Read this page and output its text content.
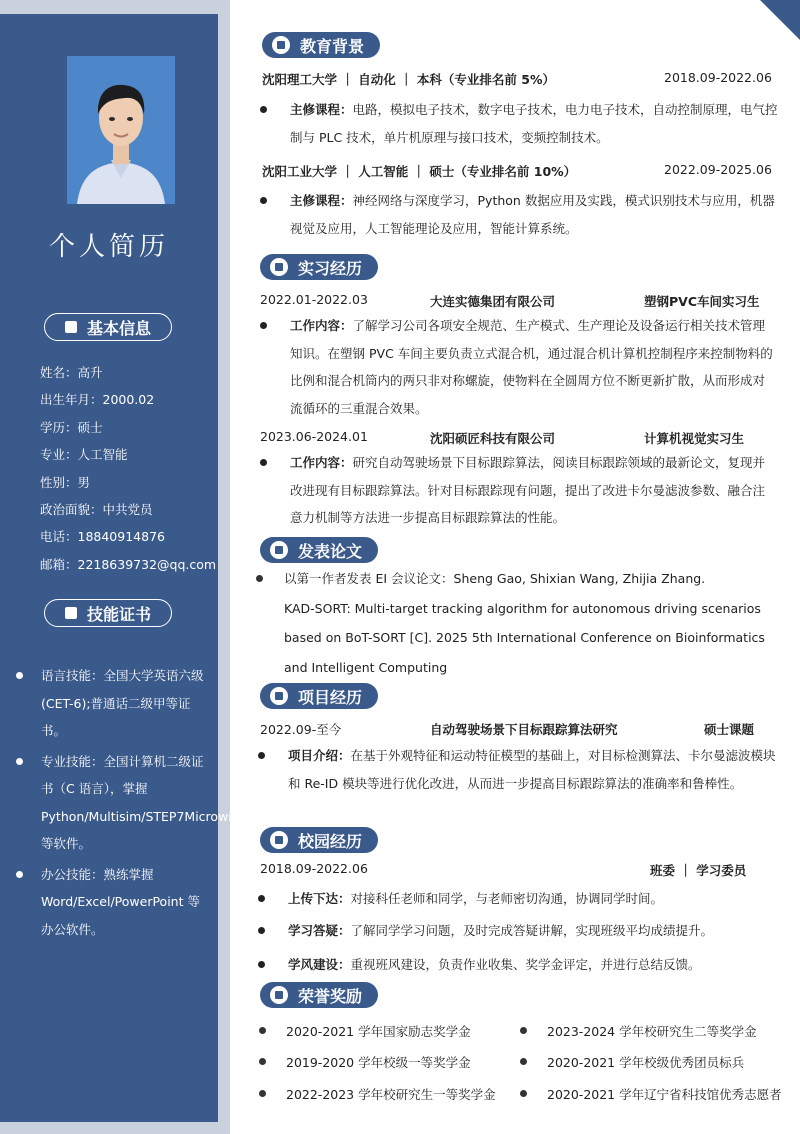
个人简历
基本信息
姓名：高升
出生年月：2000.02
学历：硕士
专业：人工智能
性别：男
政治面貌：中共党员
电话：18840914876
邮箱：2218639732@qq.com
技能证书
语言技能：全国大学英语六级(CET-6);普通话二级甲等证书。
专业技能：全国计算机二级证书（C 语言），掌握 Python/Multisim/STEP7Microwin 等软件。
办公技能：熟练掌握 Word/Excel/PowerPoint 等办公软件。
教育背景
沈阳理工大学 ｜ 自动化 ｜ 本科（专业排名前 5%）	2018.09-2022.06
主修课程：电路，模拟电子技术，数字电子技术，电力电子技术，自动控制原理，电气控制与 PLC 技术，单片机原理与接口技术，变频控制技术。
沈阳工业大学 ｜ 人工智能 ｜ 硕士（专业排名前 10%）	2022.09-2025.06
主修课程：神经网络与深度学习，Python 数据应用及实践，模式识别技术与应用，机器视觉及应用，人工智能理论及应用，智能计算系统。
实习经历
2022.01-2022.03	大连实德集团有限公司	塑钢PVC车间实习生
工作内容：了解学习公司各项安全规范、生产模式、生产理论及设备运行相关技术管理知识。在塑钢 PVC 车间主要负责立式混合机，通过混合机计算机控制程序来控制物料的比例和混合机筒内的两只非对称螺旋，使物料在全圆周方位不断更新扩散，从而形成对流循环的三重混合效果。
2023.06-2024.01	沈阳硕匠科技有限公司	计算机视觉实习生
工作内容：研究自动驾驶场景下目标跟踪算法，阅读目标跟踪领域的最新论文，复现并改进现有目标跟踪算法。针对目标跟踪现有问题，提出了改进卡尔曼滤波参数、融合注意力机制等方法进一步提高目标跟踪算法的性能。
发表论文
以第一作者发表 EI 会议论文：Sheng Gao, Shixian Wang, Zhijia Zhang.
KAD-SORT: Multi-target tracking algorithm for autonomous driving scenarios
based on BoT-SORT [C]. 2025 5th International Conference on Bioinformatics
and Intelligent Computing
项目经历
2022.09-至今	自动驾驶场景下目标跟踪算法研究	硕士课题
项目介绍：在基于外观特征和运动特征模型的基础上，对目标检测算法、卡尔曼滤波模块和 Re-ID 模块等进行优化改进，从而进一步提高目标跟踪算法的准确率和鲁棒性。
校园经历
2018.09-2022.06	班委 ｜ 学习委员
上传下达：对接科任老师和同学，与老师密切沟通，协调同学时间。
学习答疑：了解同学学习问题，及时完成答疑讲解，实现班级平均成绩提升。
学风建设：重视班风建设，负责作业收集、奖学金评定，并进行总结反馈。
荣誉奖励
2020-2021 学年国家励志奖学金
2019-2020 学年校级一等奖学金
2022-2023 学年校研究生一等奖学金
2023-2024 学年校研究生二等奖学金
2020-2021 学年校级优秀团员标兵
2020-2021 学年辽宁省科技馆优秀志愿者
